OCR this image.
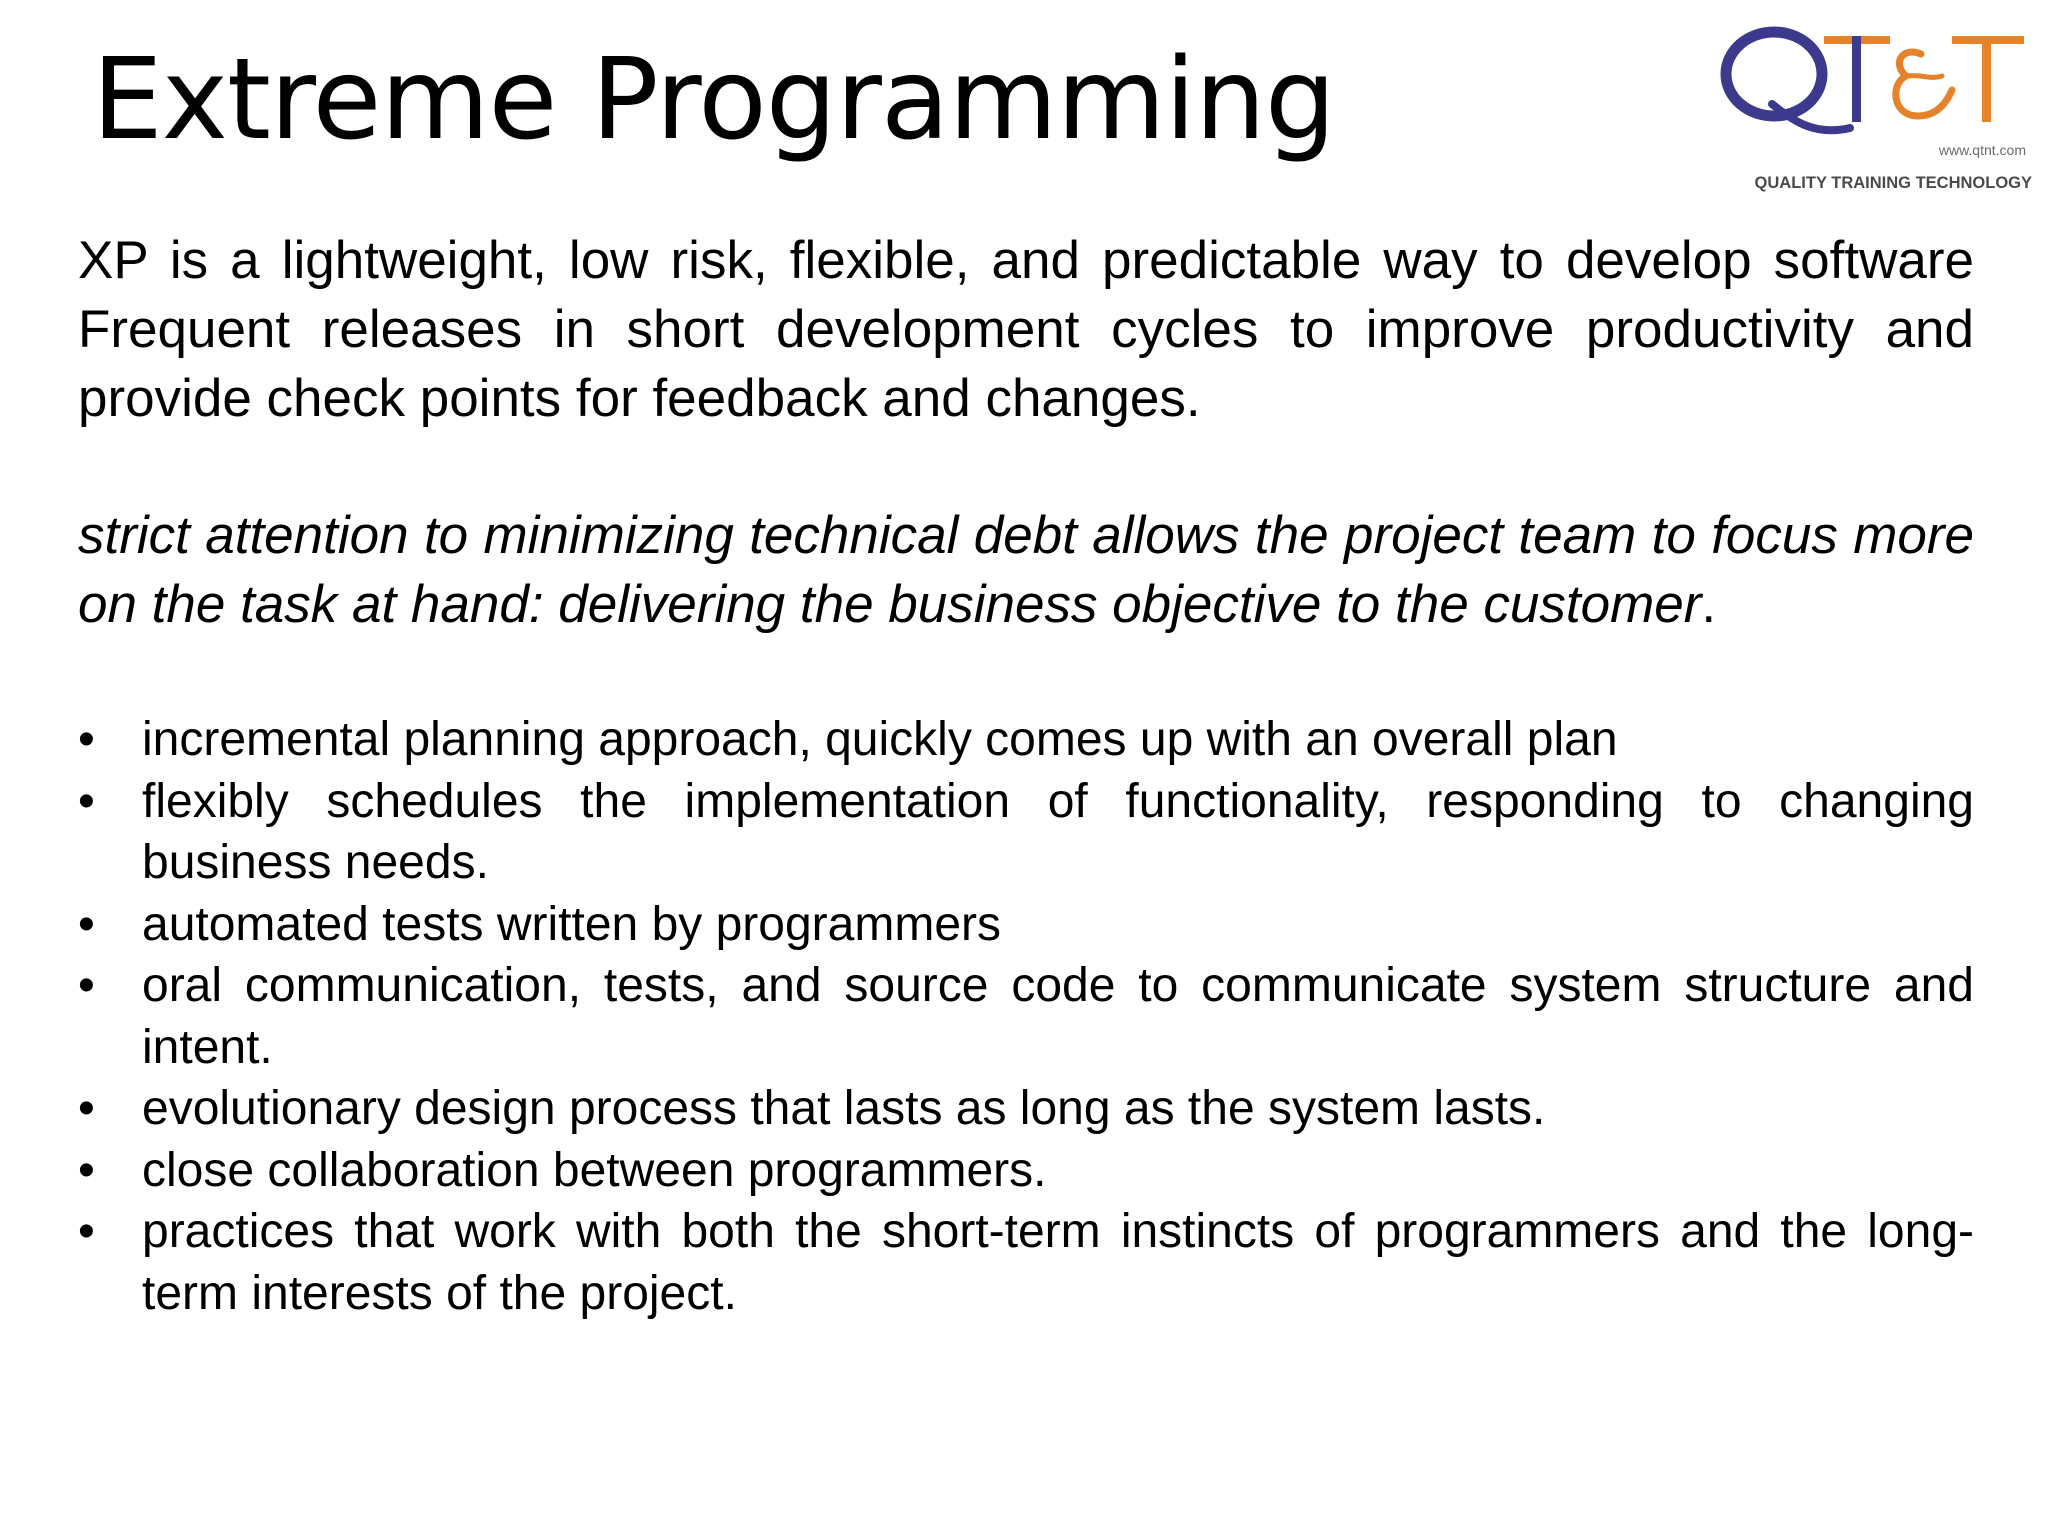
Extreme Programming	www.qtnt.com
QUALITY TRAINING TECHNOLOGY

XP is a lightweight, low risk, flexible, and predictable way to develop software Frequent releases in short development cycles to improve productivity and provide check points for feedback and changes.

strict attention to minimizing technical debt allows the project team to focus more on the task at hand: delivering the business objective to the customer.

• incremental planning approach, quickly comes up with an overall plan
• flexibly schedules the implementation of functionality, responding to changing business needs.
• automated tests written by programmers
• oral communication, tests, and source code to communicate system structure and intent.
• evolutionary design process that lasts as long as the system lasts.
• close collaboration between programmers.
• practices that work with both the short-term instincts of programmers and the long-term interests of the project.
